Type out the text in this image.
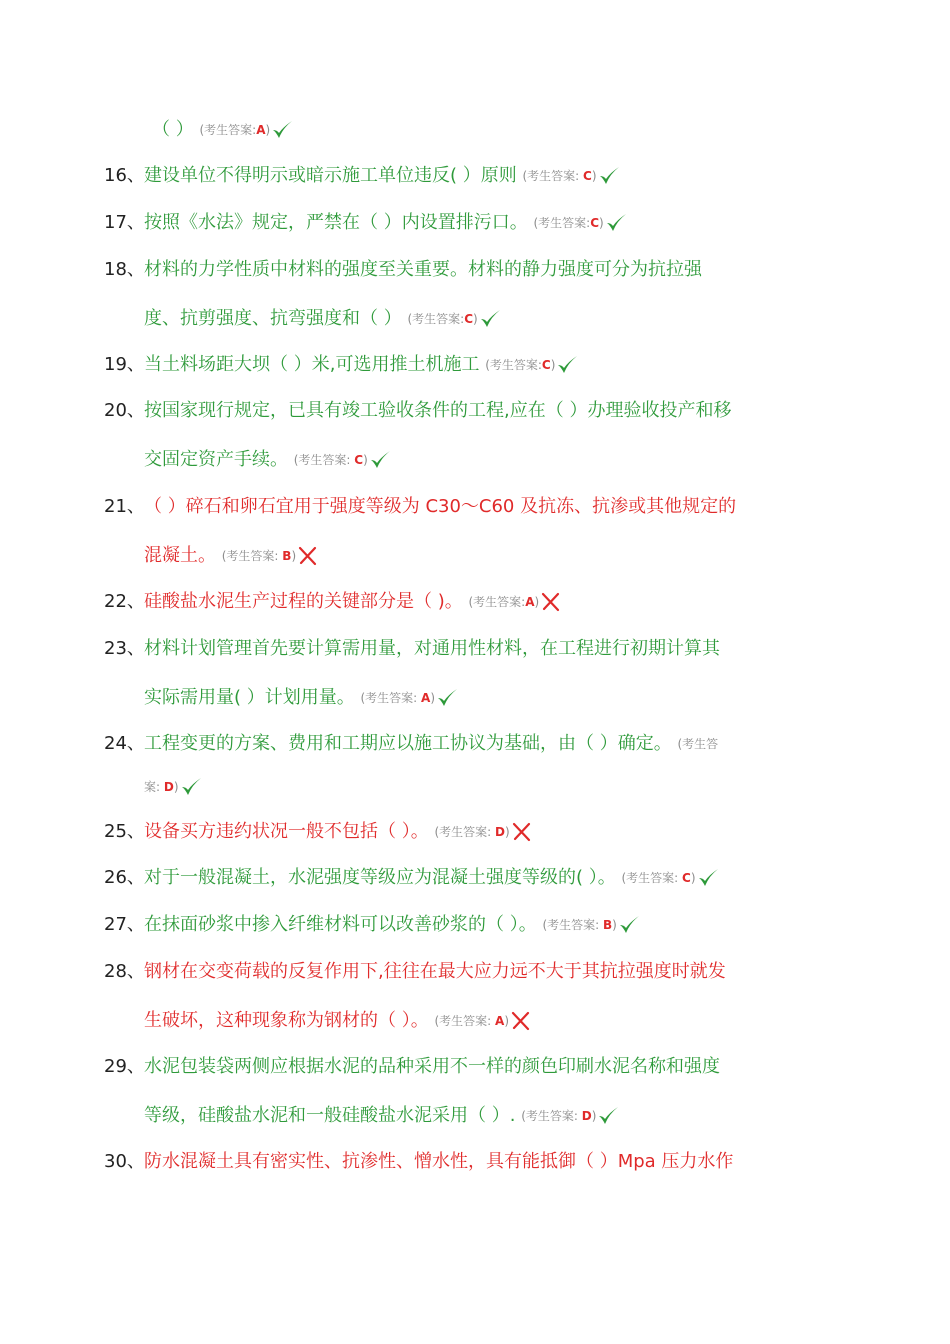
（ ） (考生答案:A)
16、 建设单位不得明示或暗示施工单位违反( ）原则 (考生答案: C)
17、 按照《水法》规定，严禁在（ ）内设置排污口。 (考生答案:C)
18、 材料的力学性质中材料的强度至关重要。材料的静力强度可分为抗拉强
度、抗剪强度、抗弯强度和（ ） (考生答案:C)
19、 当土料场距大坝（ ）米,可选用推土机施工 (考生答案:C)
20、 按国家现行规定，已具有竣工验收条件的工程,应在（ ）办理验收投产和移
交固定资产手续。 (考生答案: C)
21、 （ ）碎石和卵石宜用于强度等级为 C30～C60 及抗冻、抗渗或其他规定的
混凝土。 (考生答案: B)
22、 硅酸盐水泥生产过程的关键部分是（ )。 (考生答案:A)
23、 材料计划管理首先要计算需用量，对通用性材料，在工程进行初期计算其
实际需用量( ）计划用量。 (考生答案: A)
24、 工程变更的方案、费用和工期应以施工协议为基础，由（ ）确定。 (考生答
案: D)
25、 设备买方违约状况一般不包括（ ）。 (考生答案: D)
26、 对于一般混凝土，水泥强度等级应为混凝土强度等级的( ）。 (考生答案: C)
27、 在抹面砂浆中掺入纤维材料可以改善砂浆的（ ）。 (考生答案: B)
28、 钢材在交变荷载的反复作用下,往往在最大应力远不大于其抗拉强度时就发
生破坏，这种现象称为钢材的（ ）。 (考生答案: A)
29、 水泥包装袋两侧应根据水泥的品种采用不一样的颜色印刷水泥名称和强度
等级，硅酸盐水泥和一般硅酸盐水泥采用（ ）. (考生答案: D)
30、 防水混凝土具有密实性、抗渗性、憎水性，具有能抵御（ ）Mpa 压力水作
